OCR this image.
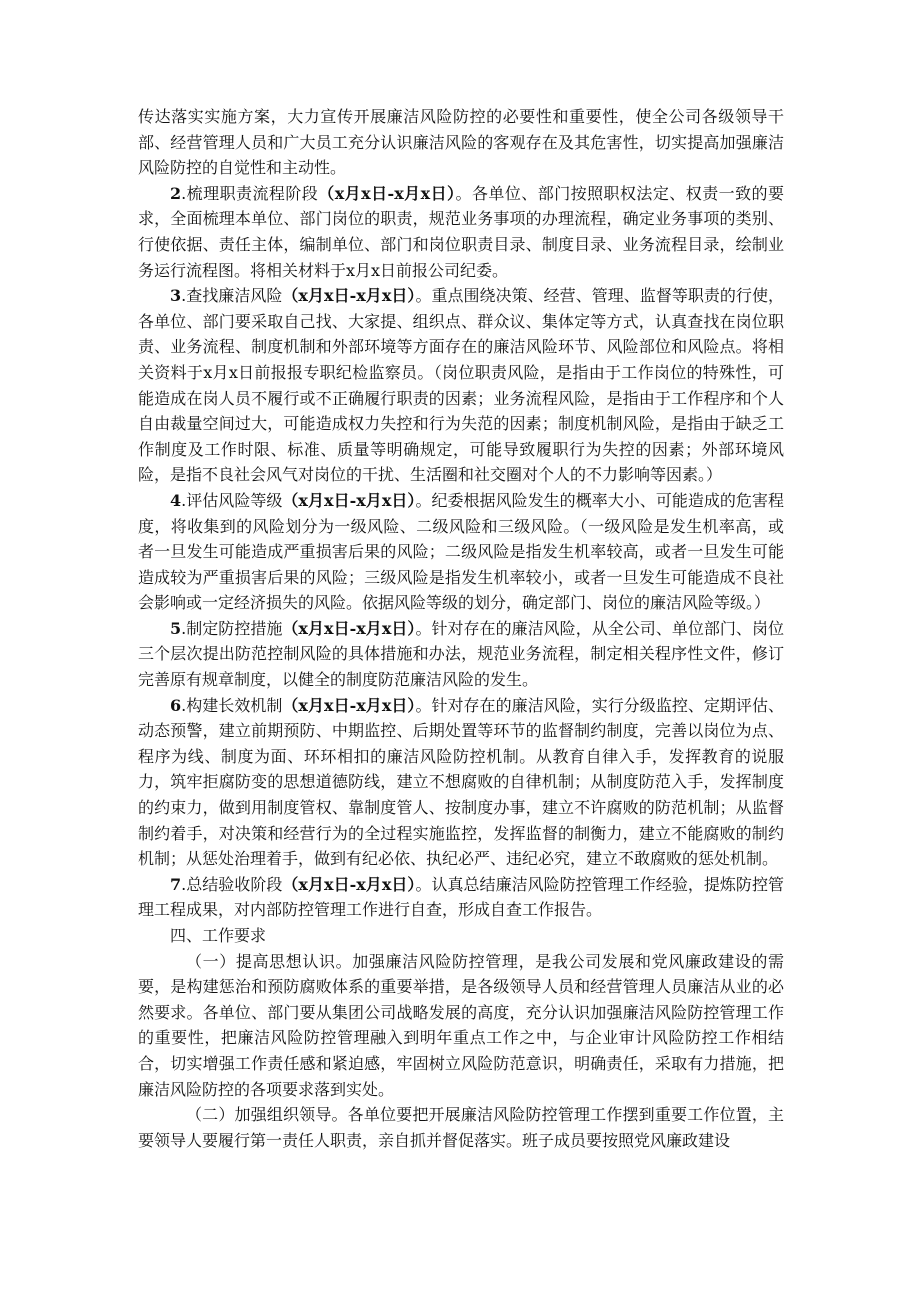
传达落实实施方案，大力宣传开展廉洁风险防控的必要性和重要性，使全公司各级领导干部、经营管理人员和广大员工充分认识廉洁风险的客观存在及其危害性，切实提高加强廉洁风险防控的自觉性和主动性。

2.梳理职责流程阶段（x月x日-x月x日）。各单位、部门按照职权法定、权责一致的要求，全面梳理本单位、部门岗位的职责，规范业务事项的办理流程，确定业务事项的类别、行使依据、责任主体，编制单位、部门和岗位职责目录、制度目录、业务流程目录，绘制业务运行流程图。将相关材料于x月x日前报公司纪委。

3.查找廉洁风险（x月x日-x月x日）。重点围绕决策、经营、管理、监督等职责的行使，各单位、部门要采取自己找、大家提、组织点、群众议、集体定等方式，认真查找在岗位职责、业务流程、制度机制和外部环境等方面存在的廉洁风险环节、风险部位和风险点。将相关资料于x月x日前报报专职纪检监察员。（岗位职责风险，是指由于工作岗位的特殊性，可能造成在岗人员不履行或不正确履行职责的因素；业务流程风险，是指由于工作程序和个人自由裁量空间过大，可能造成权力失控和行为失范的因素；制度机制风险，是指由于缺乏工作制度及工作时限、标准、质量等明确规定，可能导致履职行为失控的因素；外部环境风险，是指不良社会风气对岗位的干扰、生活圈和社交圈对个人的不力影响等因素。）

4.评估风险等级（x月x日-x月x日）。纪委根据风险发生的概率大小、可能造成的危害程度，将收集到的风险划分为一级风险、二级风险和三级风险。（一级风险是发生机率高，或者一旦发生可能造成严重损害后果的风险；二级风险是指发生机率较高，或者一旦发生可能造成较为严重损害后果的风险；三级风险是指发生机率较小，或者一旦发生可能造成不良社会影响或一定经济损失的风险。依据风险等级的划分，确定部门、岗位的廉洁风险等级。）

5.制定防控措施（x月x日-x月x日）。针对存在的廉洁风险，从全公司、单位部门、岗位三个层次提出防范控制风险的具体措施和办法，规范业务流程，制定相关程序性文件，修订完善原有规章制度，以健全的制度防范廉洁风险的发生。

6.构建长效机制（x月x日-x月x日）。针对存在的廉洁风险，实行分级监控、定期评估、动态预警，建立前期预防、中期监控、后期处置等环节的监督制约制度，完善以岗位为点、程序为线、制度为面、环环相扣的廉洁风险防控机制。从教育自律入手，发挥教育的说服力，筑牢拒腐防变的思想道德防线，建立不想腐败的自律机制；从制度防范入手，发挥制度的约束力，做到用制度管权、靠制度管人、按制度办事，建立不许腐败的防范机制；从监督制约着手，对决策和经营行为的全过程实施监控，发挥监督的制衡力，建立不能腐败的制约机制；从惩处治理着手，做到有纪必依、执纪必严、违纪必究，建立不敢腐败的惩处机制。

7.总结验收阶段（x月x日-x月x日）。认真总结廉洁风险防控管理工作经验，提炼防控管理工程成果，对内部防控管理工作进行自查，形成自查工作报告。

四、工作要求

（一）提高思想认识。加强廉洁风险防控管理，是我公司发展和党风廉政建设的需要，是构建惩治和预防腐败体系的重要举措，是各级领导人员和经营管理人员廉洁从业的必然要求。各单位、部门要从集团公司战略发展的高度，充分认识加强廉洁风险防控管理工作的重要性，把廉洁风险防控管理融入到明年重点工作之中，与企业审计风险防控工作相结合，切实增强工作责任感和紧迫感，牢固树立风险防范意识，明确责任，采取有力措施，把廉洁风险防控的各项要求落到实处。

（二）加强组织领导。各单位要把开展廉洁风险防控管理工作摆到重要工作位置，主要领导人要履行第一责任人职责，亲自抓并督促落实。班子成员要按照党风廉政建设
